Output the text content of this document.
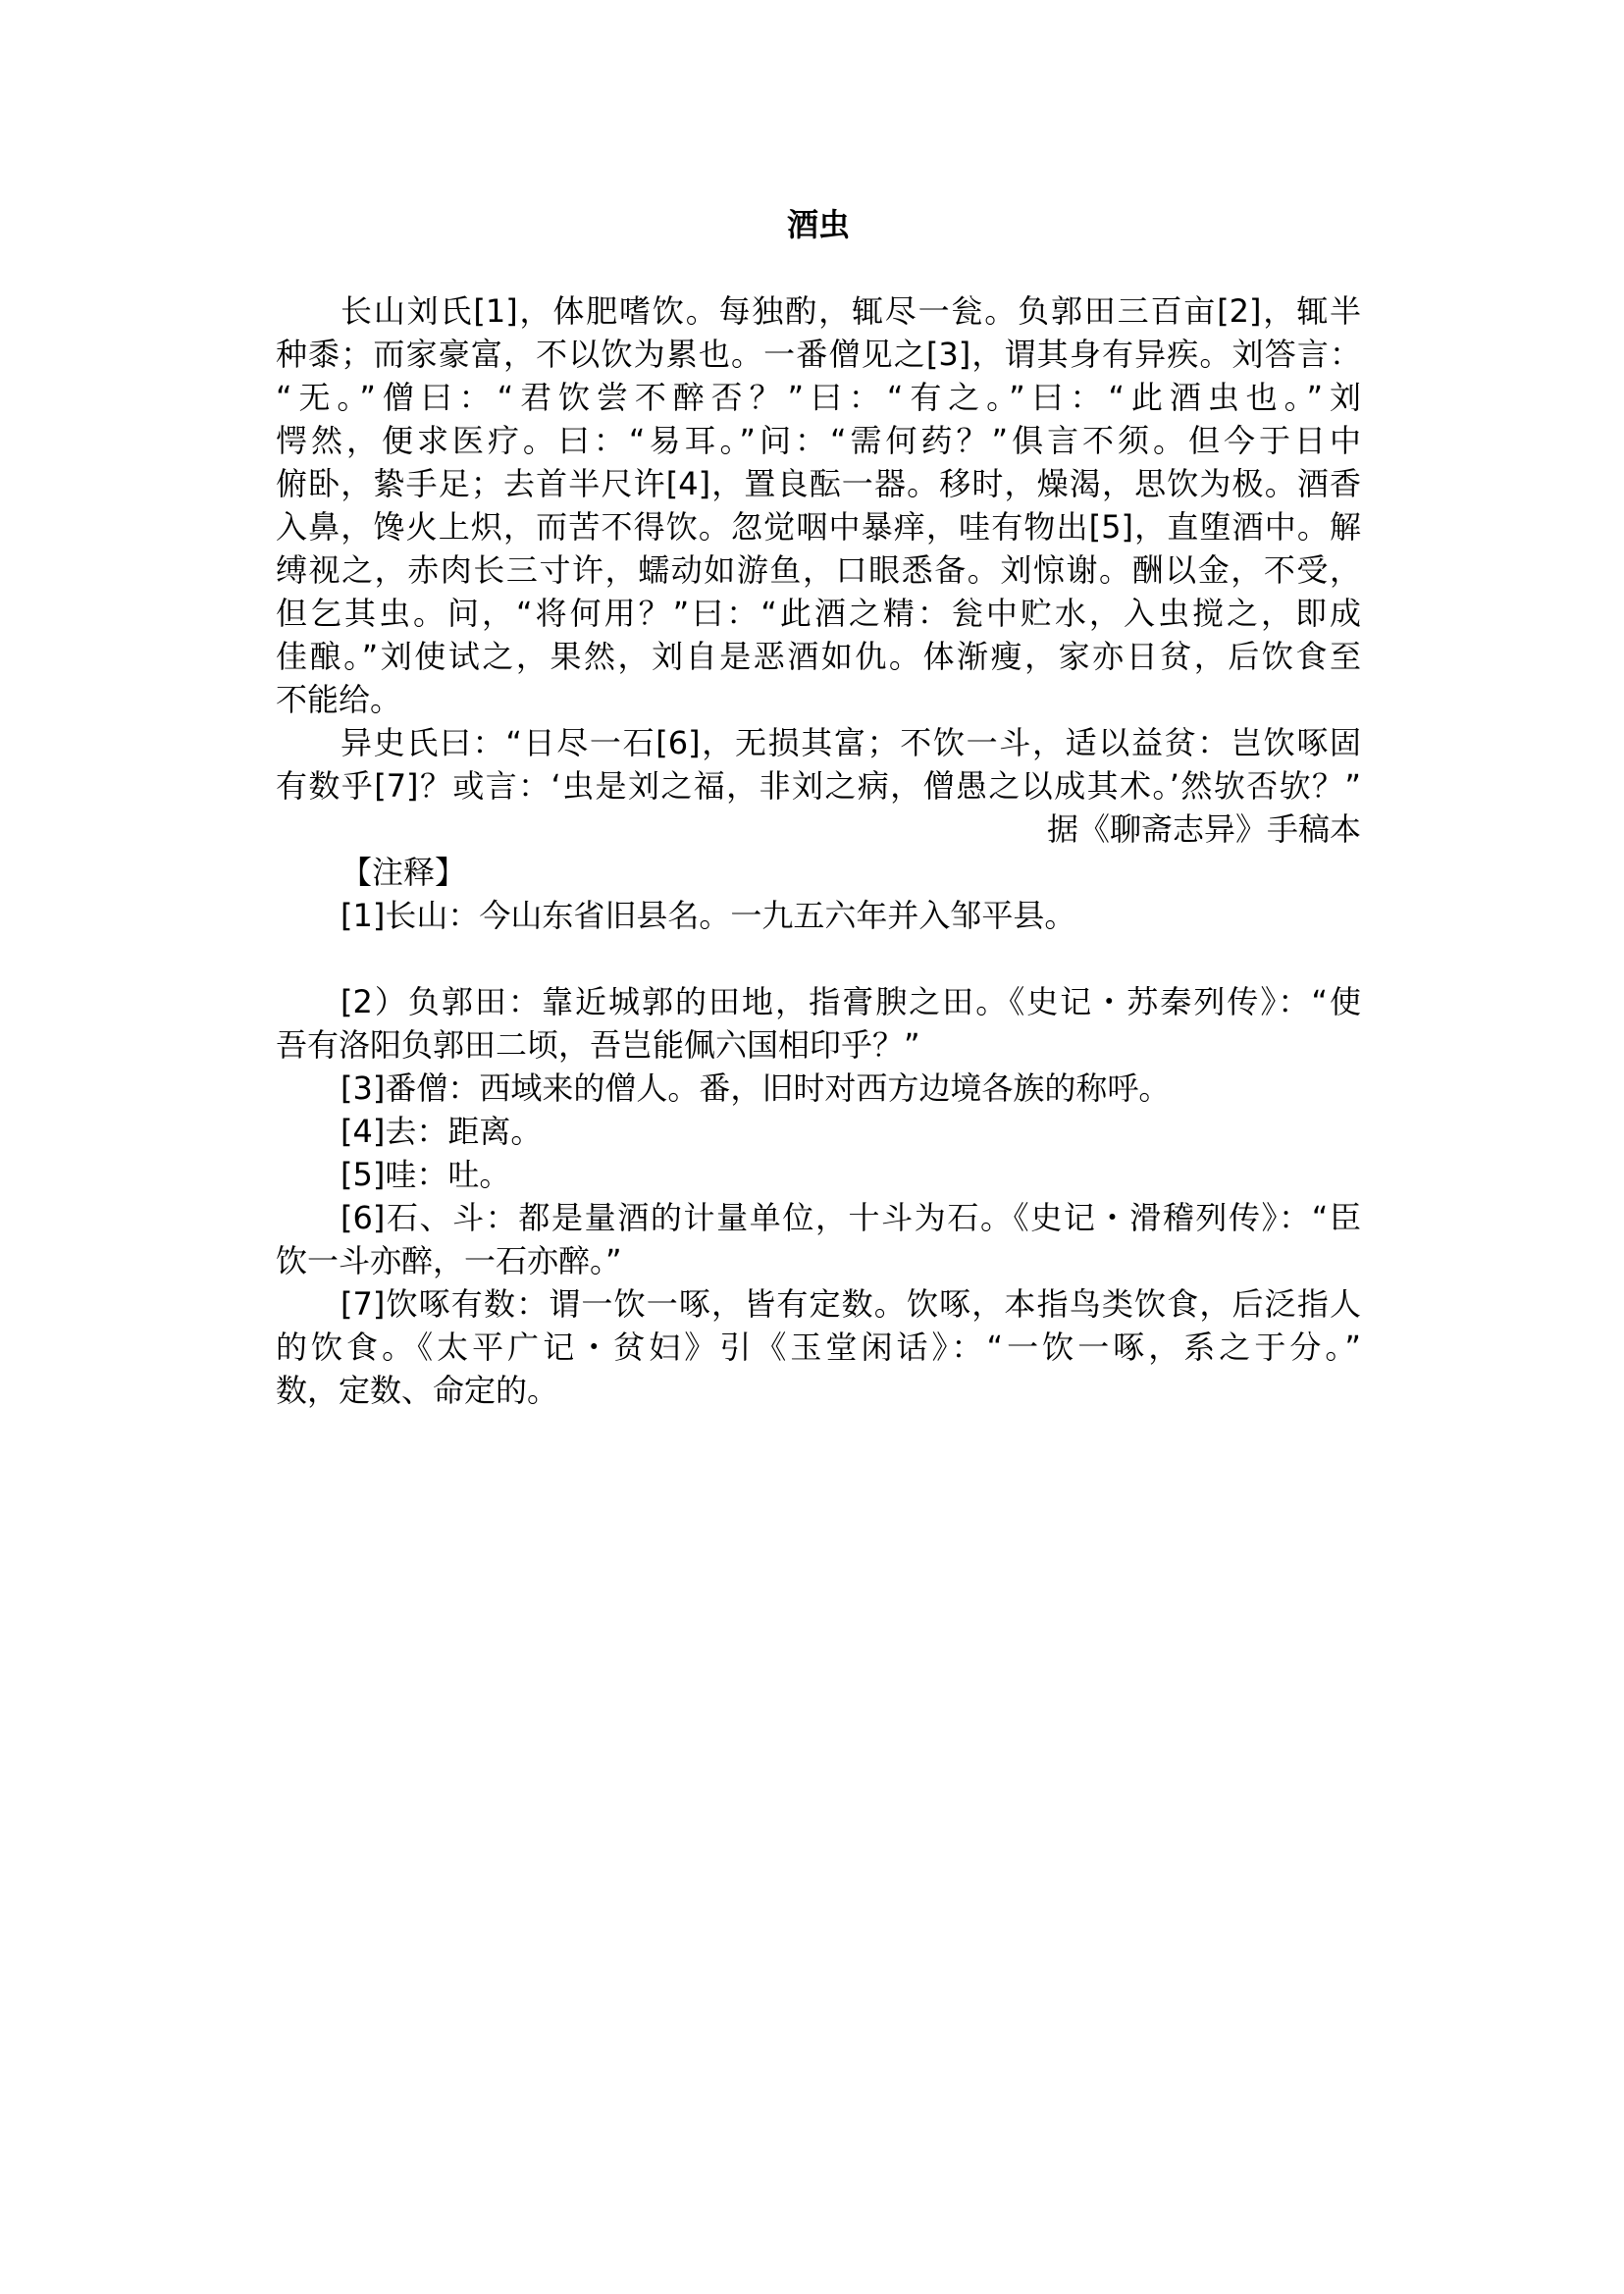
酒虫
长山刘氏[1]，体肥嗜饮。每独酌，辄尽一瓮。负郭田三百亩[2]，辄半
种黍；而家豪富，不以饮为累也。一番僧见之[3]，谓其身有异疾。刘答言：
“无。”僧曰：“君饮尝不醉否？”曰：“有之。”曰：“此酒虫也。”刘
愕然，便求医疗。曰：“易耳。”问：“需何药？”俱言不须。但今于日中
俯卧，絷手足；去首半尺许[4]，置良酝一器。移时，燥渴，思饮为极。酒香
入鼻，馋火上炽，而苦不得饮。忽觉咽中暴痒，哇有物出[5]，直堕酒中。解
缚视之，赤肉长三寸许，蠕动如游鱼，口眼悉备。刘惊谢。酬以金，不受，
但乞其虫。问，“将何用？”曰：“此酒之精：瓮中贮水，入虫搅之，即成
佳酿。”刘使试之，果然，刘自是恶酒如仇。体渐瘦，家亦日贫，后饮食至
不能给。
异史氏曰：“日尽一石[6]，无损其富；不饮一斗，适以益贫：岂饮啄固
有数乎[7]？或言：‘虫是刘之福，非刘之病，僧愚之以成其术。’然欤否欤？”
据《聊斋志异》手稿本
【注释】
[1]长山：今山东省旧县名。一九五六年并入邹平县。
[2）负郭田：靠近城郭的田地，指膏腴之田。《史记・苏秦列传》：“使
吾有洛阳负郭田二顷，吾岂能佩六国相印乎？”
[3]番僧：西域来的僧人。番，旧时对西方边境各族的称呼。
[4]去：距离。
[5]哇：吐。
[6]石、斗：都是量酒的计量单位，十斗为石。《史记・滑稽列传》：“臣
饮一斗亦醉，一石亦醉。”
[7]饮啄有数：谓一饮一啄，皆有定数。饮啄，本指鸟类饮食，后泛指人
的饮食。《太平广记・贫妇》引《玉堂闲话》：“一饮一啄，系之于分。”
数，定数、命定的。
